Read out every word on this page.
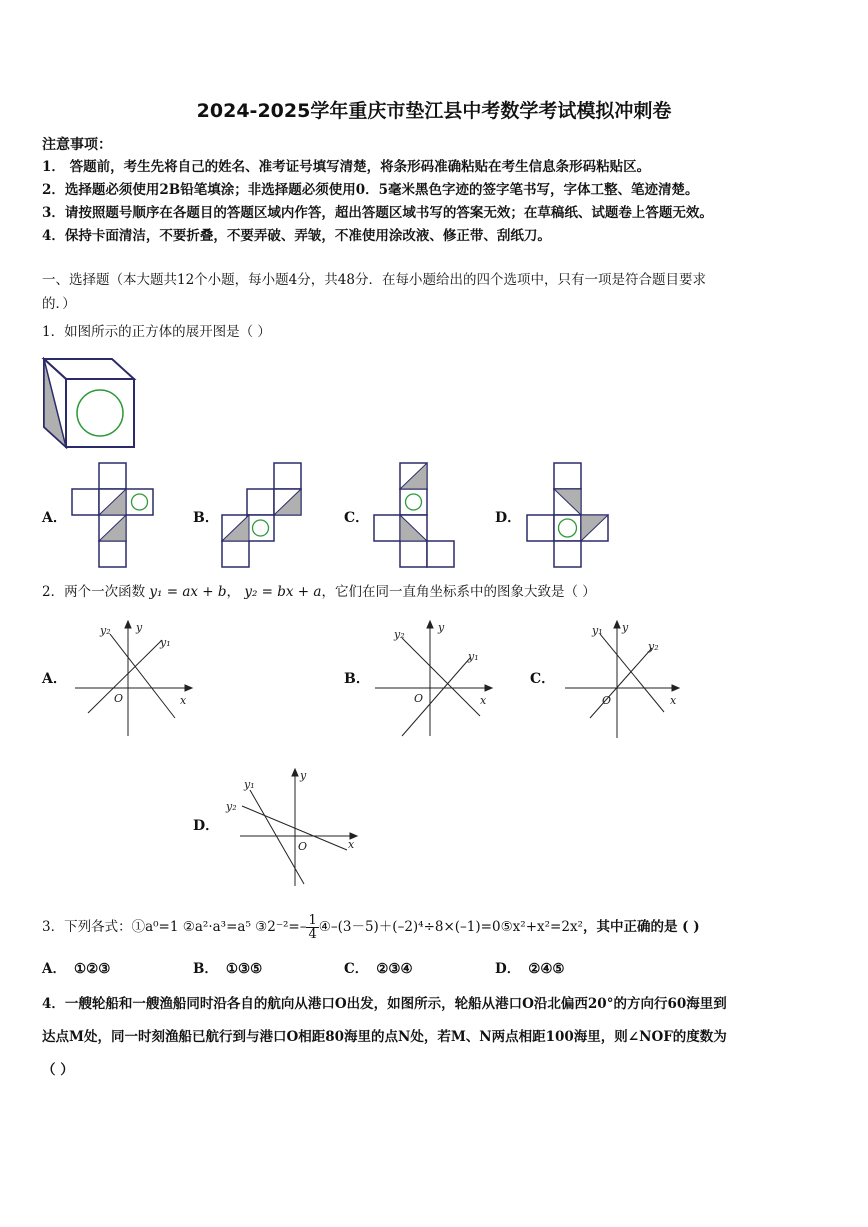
2024-2025学年重庆市垫江县中考数学考试模拟冲刺卷
注意事项：
1． 答题前，考生先将自己的姓名、准考证号填写清楚，将条形码准确粘贴在考生信息条形码粘贴区。
2．选择题必须使用2B铅笔填涂；非选择题必须使用0．5毫米黑色字迹的签字笔书写，字体工整、笔迹清楚。
3．请按照题号顺序在各题目的答题区域内作答，超出答题区域书写的答案无效；在草稿纸、试题卷上答题无效。
4．保持卡面清洁，不要折叠，不要弄破、弄皱，不准使用涂改液、修正带、刮纸刀。
一、选择题（本大题共12个小题，每小题4分，共48分．在每小题给出的四个选项中，只有一项是符合题目要求
的．）
1．如图所示的正方体的展开图是（ ）
A．	B．	C．	D．
2．两个一次函数 y₁ = ax + b， y₂ = bx + a，它们在同一直角坐标系中的图象大致是（ ）
A．
y
x
O
y₂
y₁
B．
y
x
O
y₂
y₁
C．
y
x
O
y₁
y₂
D．
y
x
O
y₁
y₂
3．下列各式：①a⁰=1 ②a²·a³=a⁵ ③2⁻²=– $\frac{1}{4}$ ④–(3－5)＋(–2)⁴÷8×(–1)=0⑤x²+x²=2x²，其中正确的是 ( )
A． ①②③	B． ①③⑤	C． ②③④	D． ②④⑤
4．一艘轮船和一艘渔船同时沿各自的航向从港口O出发，如图所示，轮船从港口O沿北偏西20°的方向行60海里到
达点M处，同一时刻渔船已航行到与港口O相距80海里的点N处，若M、N两点相距100海里，则∠NOF的度数为
（ ）
